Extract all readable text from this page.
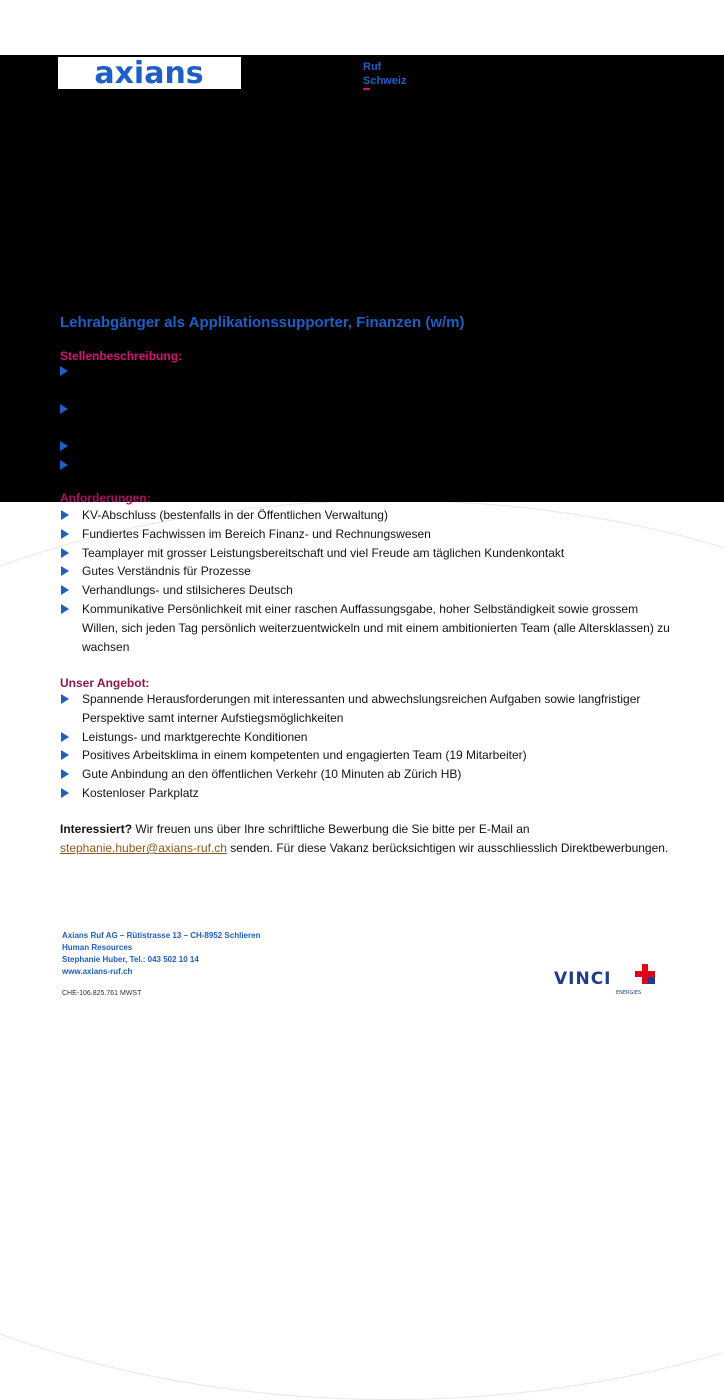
axians	Ruf
Schweiz
Lehrabgänger als Applikationssupporter, Finanzen (w/m)
Stellenbeschreibung:
Anforderungen:
KV-Abschluss (bestenfalls in der Öffentlichen Verwaltung)
Fundiertes Fachwissen im Bereich Finanz- und Rechnungswesen
Teamplayer mit grosser Leistungsbereitschaft und viel Freude am täglichen Kundenkontakt
Gutes Verständnis für Prozesse
Verhandlungs- und stilsicheres Deutsch
Kommunikative Persönlichkeit mit einer raschen Auffassungsgabe, hoher Selbständigkeit sowie grossem Willen, sich jeden Tag persönlich weiterzuentwickeln und mit einem ambitionierten Team (alle Altersklassen) zu wachsen
Unser Angebot:
Spannende Herausforderungen mit interessanten und abwechslungsreichen Aufgaben sowie langfristiger Perspektive samt interner Aufstiegsmöglichkeiten
Leistungs- und marktgerechte Konditionen
Positives Arbeitsklima in einem kompetenten und engagierten Team (19 Mitarbeiter)
Gute Anbindung an den öffentlichen Verkehr (10 Minuten ab Zürich HB)
Kostenloser Parkplatz

Interessiert? Wir freuen uns über Ihre schriftliche Bewerbung die Sie bitte per E-Mail an
stephanie.huber@axians-ruf.ch senden. Für diese Vakanz berücksichtigen wir ausschliesslich Direktbewerbungen.

Axians Ruf AG – Rütistrasse 13 – CH-8952 Schlieren
Human Resources
Stephanie Huber, Tel.: 043 502 10 14
www.axians-ruf.ch
CHE-106.825.761 MWST
VINCI
ENERGIES
